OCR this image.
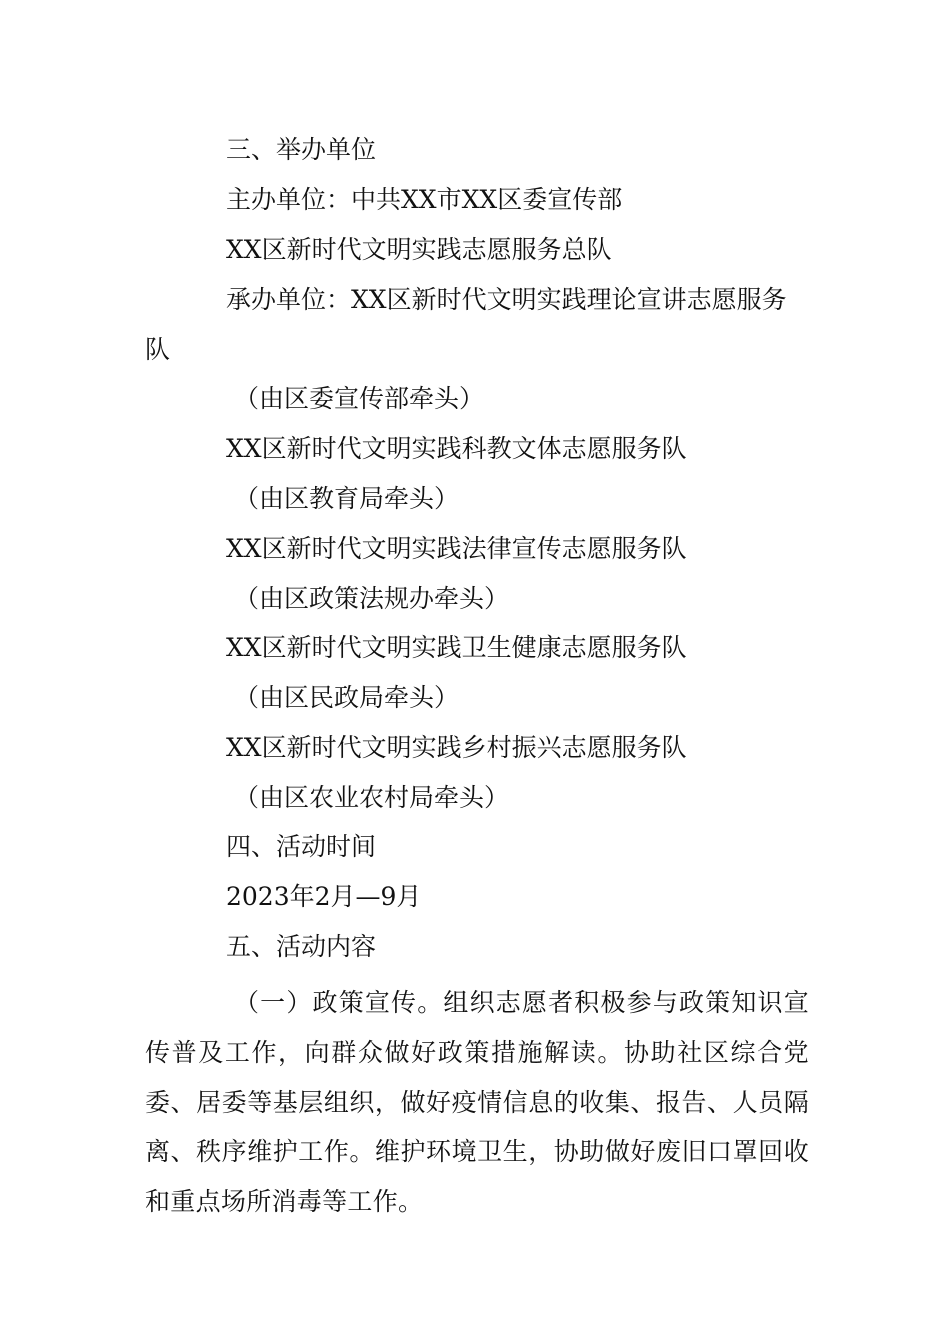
三、举办单位
主办单位：中共XX市XX区委宣传部
XX区新时代文明实践志愿服务总队
承办单位：XX区新时代文明实践理论宣讲志愿服务
队
（由区委宣传部牵头）
XX区新时代文明实践科教文体志愿服务队
（由区教育局牵头）
XX区新时代文明实践法律宣传志愿服务队
（由区政策法规办牵头）
XX区新时代文明实践卫生健康志愿服务队
（由区民政局牵头）
XX区新时代文明实践乡村振兴志愿服务队
（由区农业农村局牵头）
四、活动时间
2023年2月—9月
五、活动内容
（一）政策宣传。组织志愿者积极参与政策知识宣传普及工作，向群众做好政策措施解读。协助社区综合党委、居委等基层组织，做好疫情信息的收集、报告、人员隔离、秩序维护工作。维护环境卫生，协助做好废旧口罩回收和重点场所消毒等工作。
